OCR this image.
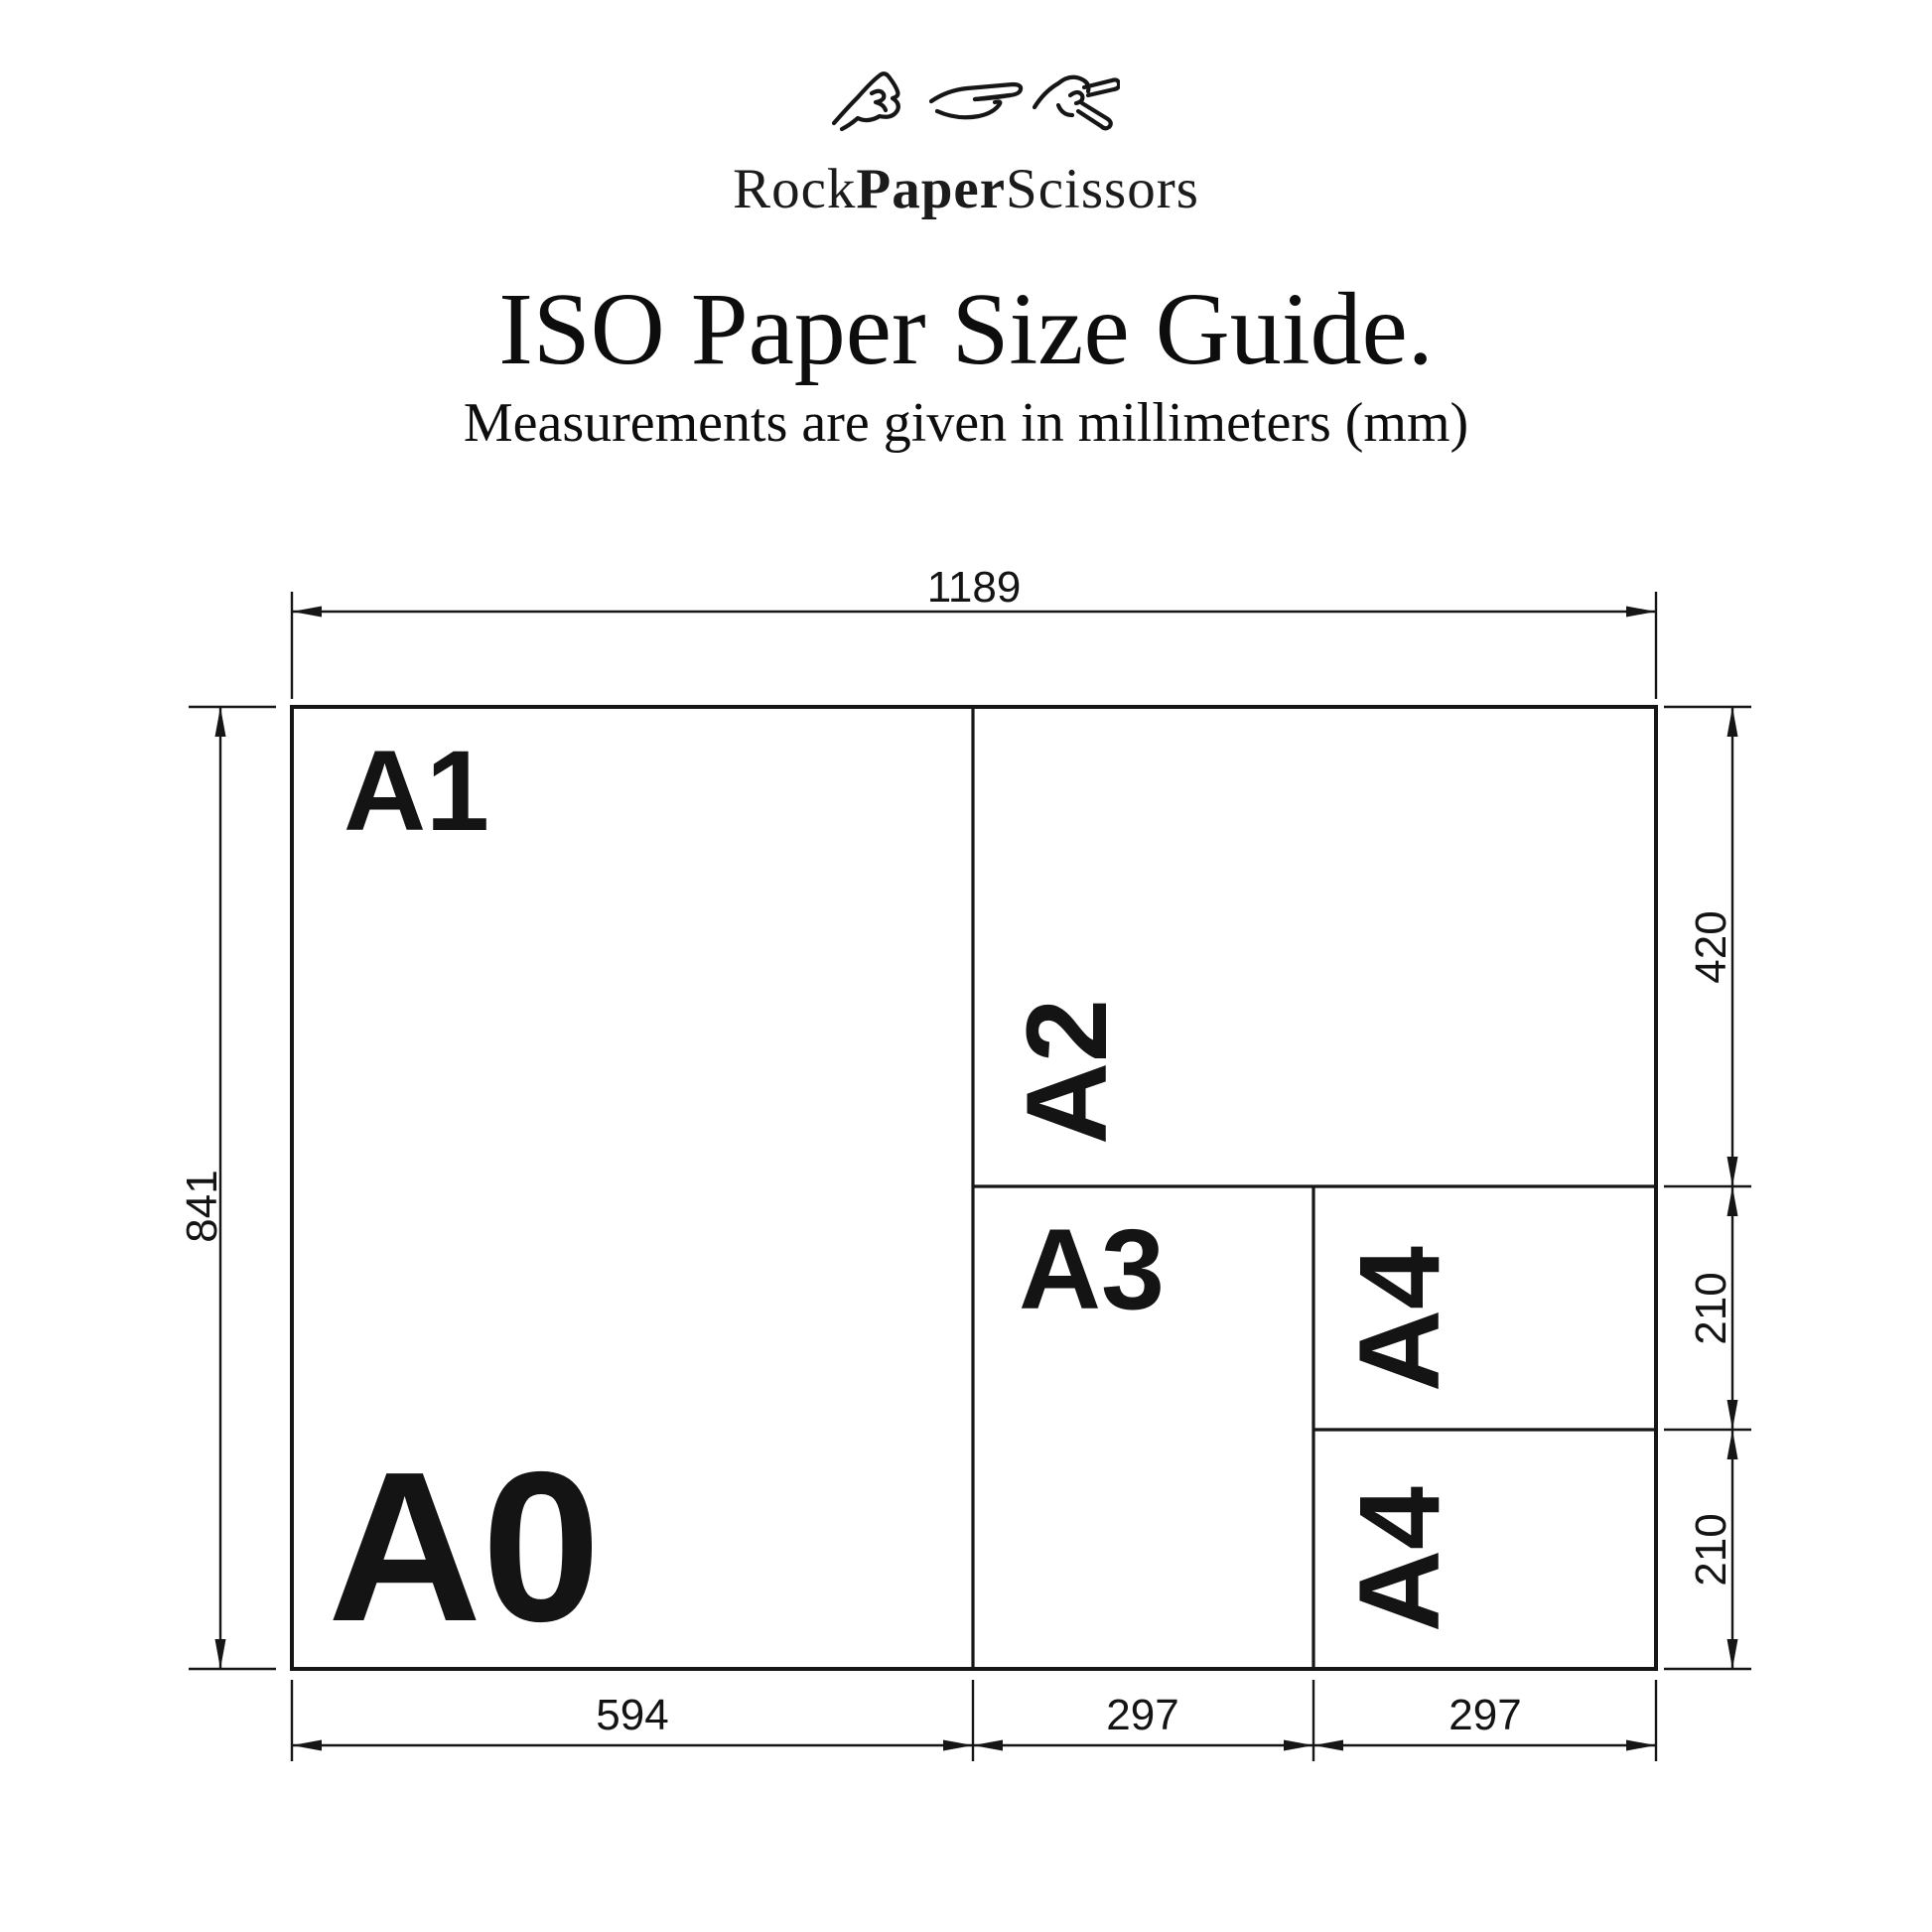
RockPaperScissors
ISO Paper Size Guide.
Measurements are given in millimeters (mm)
1189
841
420
210
210
594	297	297
A1
A2
A3 A4
A4
A0
